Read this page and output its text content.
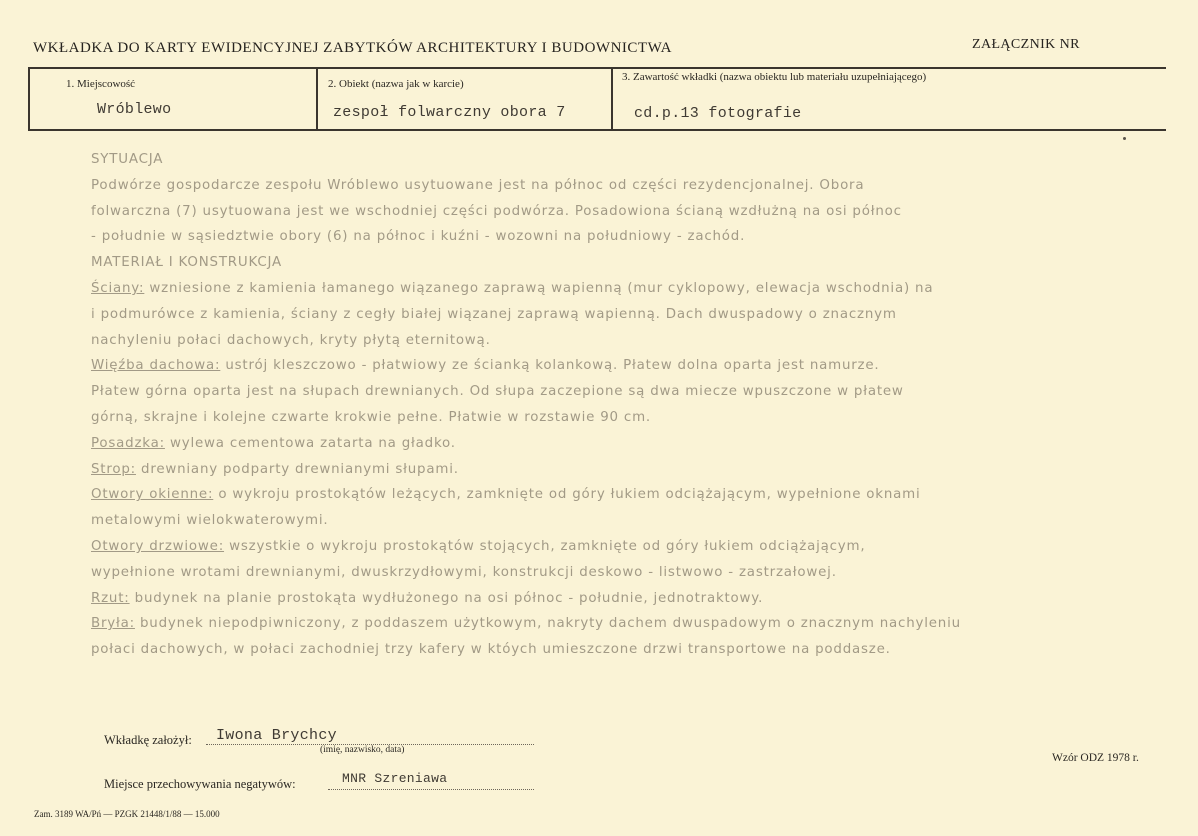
WKŁADKA DO KARTY EWIDENCYJNEJ ZABYTKÓW ARCHITEKTURY I BUDOWNICTWA	ZAŁĄCZNIK NR
1. Miejscowość
Wróblewo
2. Obiekt (nazwa jak w karcie)
zespoł folwarczny obora 7
3. Zawartość wkładki (nazwa obiektu lub materiału uzupełniającego)
cd.p.13 fotografie

SYTUACJA

Podwórze gospodarcze zespołu Wróblewo usytuowane jest na północ od części rezydencjonalnej. Obora

folwarczna (7) usytuowana jest we wschodniej części podwórza. Posadowiona ścianą wzdłużną na osi północ

- południe w sąsiedztwie obory (6) na północ i kuźni - wozowni na południowy - zachód.

MATERIAŁ I KONSTRUKCJA

Ściany: wzniesione z kamienia łamanego wiązanego zaprawą wapienną (mur cyklopowy, elewacja wschodnia) na

i podmurówce z kamienia, ściany z cegły białej wiązanej zaprawą wapienną. Dach dwuspadowy o znacznym

nachyleniu połaci dachowych, kryty płytą eternitową.

Więźba dachowa: ustrój kleszczowo - płatwiowy ze ścianką kolankową. Płatew dolna oparta jest namurze.

Płatew górna oparta jest na słupach drewnianych. Od słupa zaczepione są dwa miecze wpuszczone w płatew

górną, skrajne i kolejne czwarte krokwie pełne. Płatwie w rozstawie 90 cm.

Posadzka: wylewa cementowa zatarta na gładko.

Strop: drewniany podparty drewnianymi słupami.

Otwory okienne: o wykroju prostokątów leżących, zamknięte od góry łukiem odciążającym, wypełnione oknami

metalowymi wielokwaterowymi.

Otwory drzwiowe: wszystkie o wykroju prostokątów stojących, zamknięte od góry łukiem odciążającym,

wypełnione wrotami drewnianymi, dwuskrzydłowymi, konstrukcji deskowo - listwowo - zastrzałowej.

Rzut: budynek na planie prostokąta wydłużonego na osi północ - południe, jednotraktowy.

Bryła: budynek niepodpiwniczony, z poddaszem użytkowym, nakryty dachem dwuspadowym o znacznym nachyleniu

połaci dachowych, w połaci zachodniej trzy kafery w któych umieszczone drzwi transportowe na poddasze.

Wkładkę założył: Iwona Brychcy
(imię, nazwisko, data)
Miejsce przechowywania negatywów:	MNR Szreniawa
Wzór ODZ 1978 r.
Zam. 3189 WA/Pń — PZGK 21448/1/88 — 15.000
